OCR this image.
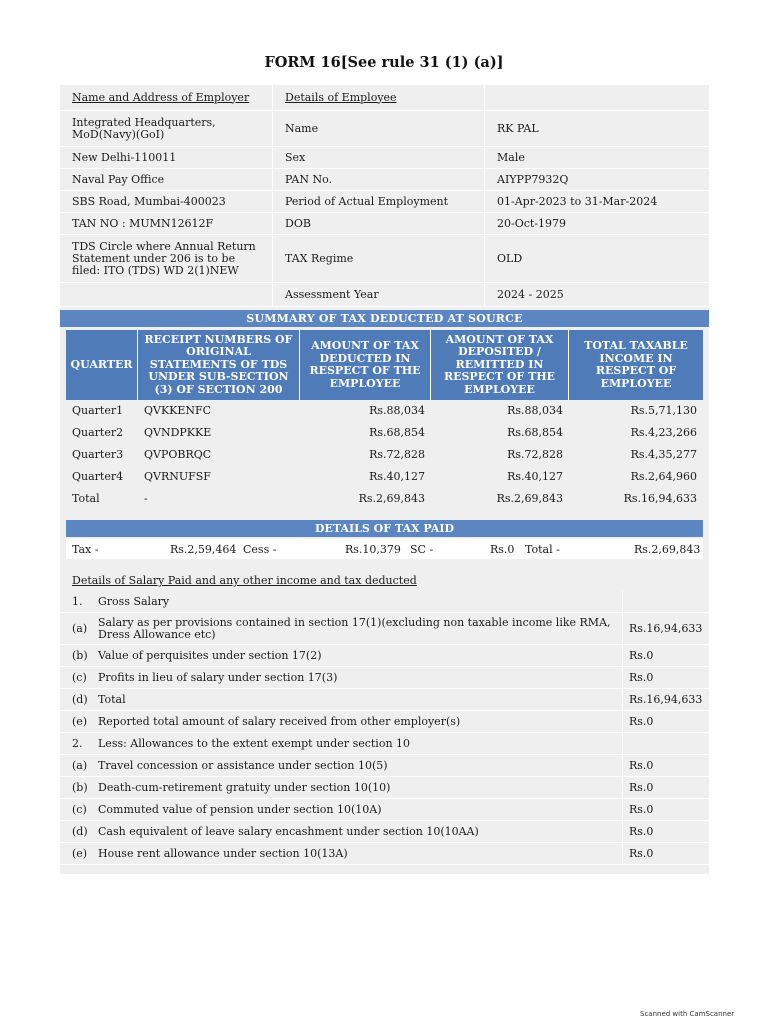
FORM 16[See rule 31 (1) (a)]
Name and Address of Employer	Details of Employee	
Integrated Headquarters, MoD(Navy)(GoI)	Name	RK PAL
New Delhi-110011	Sex	Male
Naval Pay Office	PAN No.	AIYPP7932Q
SBS Road, Mumbai-400023	Period of Actual Employment	01-Apr-2023 to 31-Mar-2024
TAN NO : MUMN12612F	DOB	20-Oct-1979
TDS Circle where Annual Return Statement under 206 is to be filed: ITO (TDS) WD 2(1)NEW	TAX Regime	OLD
	Assessment Year	2024 - 2025
SUMMARY OF TAX DEDUCTED AT SOURCE
QUARTER	RECEIPT NUMBERS OF ORIGINAL STATEMENTS OF TDS UNDER SUB-SECTION (3) OF SECTION 200	AMOUNT OF TAX DEDUCTED IN RESPECT OF THE EMPLOYEE	AMOUNT OF TAX DEPOSITED / REMITTED IN RESPECT OF THE EMPLOYEE	TOTAL TAXABLE INCOME IN RESPECT OF EMPLOYEE
Quarter1	QVKKENFC	Rs.88,034	Rs.88,034	Rs.5,71,130
Quarter2	QVNDPKKE	Rs.68,854	Rs.68,854	Rs.4,23,266
Quarter3	QVPOBRQC	Rs.72,828	Rs.72,828	Rs.4,35,277
Quarter4	QVRNUFSF	Rs.40,127	Rs.40,127	Rs.2,64,960
Total	-	Rs.2,69,843	Rs.2,69,843	Rs.16,94,633
DETAILS OF TAX PAID
Tax -	Rs.2,59,464 Cess -	Rs.10,379 SC -	Rs.0 Total -	Rs.2,69,843
Details of Salary Paid and any other income and tax deducted
1.	Gross Salary	
(a)	Salary as per provisions contained in section 17(1)(excluding non taxable income like RMA, Dress Allowance etc)	Rs.16,94,633
(b)	Value of perquisites under section 17(2)	Rs.0
(c)	Profits in lieu of salary under section 17(3)	Rs.0
(d)	Total	Rs.16,94,633
(e)	Reported total amount of salary received from other employer(s)	Rs.0
2.	Less: Allowances to the extent exempt under section 10	
(a)	Travel concession or assistance under section 10(5)	Rs.0
(b)	Death-cum-retirement gratuity under section 10(10)	Rs.0
(c)	Commuted value of pension under section 10(10A)	Rs.0
(d)	Cash equivalent of leave salary encashment under section 10(10AA)	Rs.0
(e)	House rent allowance under section 10(13A)	Rs.0
Scanned with CamScanner
